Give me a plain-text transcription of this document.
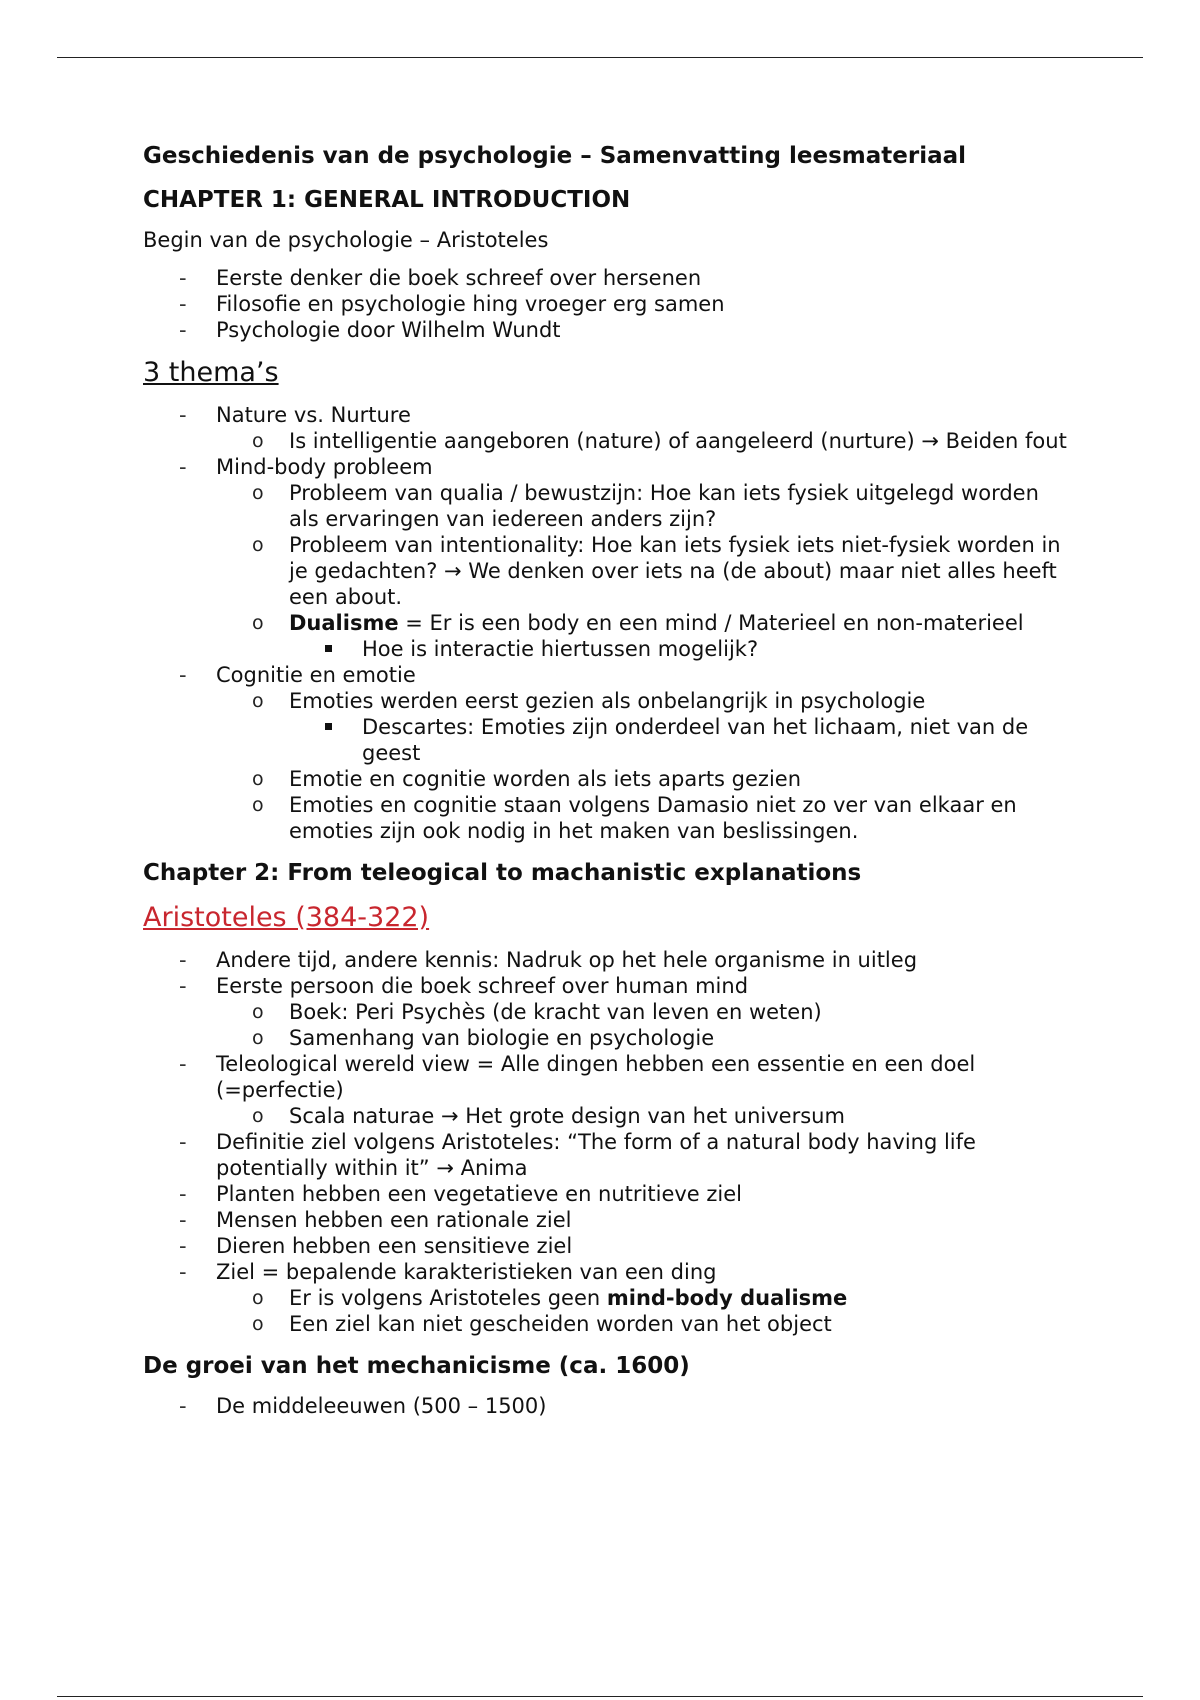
Geschiedenis van de psychologie – Samenvatting leesmateriaal
CHAPTER 1: GENERAL INTRODUCTION
Begin van de psychologie – Aristoteles
-	Eerste denker die boek schreef over hersenen
-	Filosofie en psychologie hing vroeger erg samen
-	Psychologie door Wilhelm Wundt
3 thema’s
-	Nature vs. Nurture
o Is intelligentie aangeboren (nature) of aangeleerd (nurture) → Beiden fout
-	Mind-body probleem
o Probleem van qualia / bewustzijn: Hoe kan iets fysiek uitgelegd worden als ervaringen van iedereen anders zijn?
o Probleem van intentionality: Hoe kan iets fysiek iets niet-fysiek worden in je gedachten? → We denken over iets na (de about) maar niet alles heeft een about.
o Dualisme = Er is een body en een mind / Materieel en non-materieel
Hoe is interactie hiertussen mogelijk?
-	Cognitie en emotie
o Emoties werden eerst gezien als onbelangrijk in psychologie
Descartes: Emoties zijn onderdeel van het lichaam, niet van de geest
o Emotie en cognitie worden als iets aparts gezien
o Emoties en cognitie staan volgens Damasio niet zo ver van elkaar en emoties zijn ook nodig in het maken van beslissingen.
Chapter 2: From teleogical to machanistic explanations
Aristoteles (384-322)
-	Andere tijd, andere kennis: Nadruk op het hele organisme in uitleg
-	Eerste persoon die boek schreef over human mind
o Boek: Peri Psychès (de kracht van leven en weten)
o Samenhang van biologie en psychologie
-	Teleological wereld view = Alle dingen hebben een essentie en een doel (=perfectie)
o Scala naturae → Het grote design van het universum
-	Definitie ziel volgens Aristoteles: “The form of a natural body having life potentially within it” → Anima
-	Planten hebben een vegetatieve en nutritieve ziel
-	Mensen hebben een rationale ziel
-	Dieren hebben een sensitieve ziel
-	Ziel = bepalende karakteristieken van een ding
o Er is volgens Aristoteles geen mind-body dualisme
o Een ziel kan niet gescheiden worden van het object
De groei van het mechanicisme (ca. 1600)
-	De middeleeuwen (500 – 1500)
